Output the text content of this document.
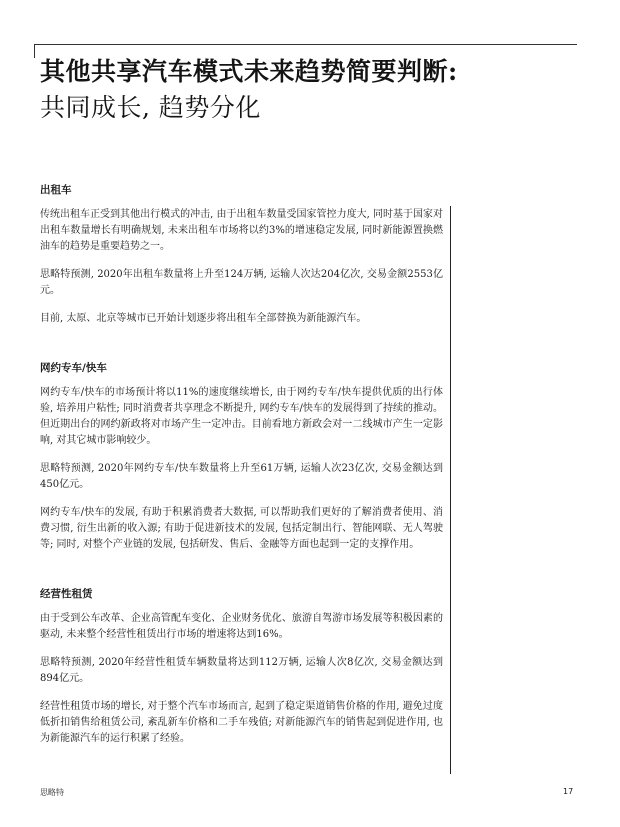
其他共享汽车模式未来趋势简要判断:
共同成长, 趋势分化

出租车

传统出租车正受到其他出行模式的冲击, 由于出租车数量受国家管控力度大, 同时基于国家对出租车数量增长有明确规划, 未来出租车市场将以约3%的增速稳定发展, 同时新能源置换燃油车的趋势是重要趋势之一。

思略特预测, 2020年出租车数量将上升至124万辆, 运输人次达204亿次, 交易金额2553亿元。

目前, 太原、北京等城市已开始计划逐步将出租车全部替换为新能源汽车。

网约专车/快车

网约专车/快车的市场预计将以11%的速度继续增长, 由于网约专车/快车提供优质的出行体验, 培养用户粘性; 同时消费者共享理念不断提升, 网约专车/快车的发展得到了持续的推动。但近期出台的网约新政将对市场产生一定冲击。目前看地方新政会对一二线城市产生一定影响, 对其它城市影响较少。

思略特预测, 2020年网约专车/快车数量将上升至61万辆, 运输人次23亿次, 交易金额达到450亿元。

网约专车/快车的发展, 有助于积累消费者大数据, 可以帮助我们更好的了解消费者使用、消费习惯, 衍生出新的收入源; 有助于促进新技术的发展, 包括定制出行、智能网联、无人驾驶等; 同时, 对整个产业链的发展, 包括研发、售后、金融等方面也起到一定的支撑作用。

经营性租赁

由于受到公车改革、企业高管配车变化、企业财务优化、旅游自驾游市场发展等积极因素的驱动, 未来整个经营性租赁出行市场的增速将达到16%。

思略特预测, 2020年经营性租赁车辆数量将达到112万辆, 运输人次8亿次, 交易金额达到894亿元。

经营性租赁市场的增长, 对于整个汽车市场而言, 起到了稳定渠道销售价格的作用, 避免过度低折扣销售给租赁公司, 紊乱新车价格和二手车残值; 对新能源汽车的销售起到促进作用, 也为新能源汽车的运行积累了经验。

思略特	17
